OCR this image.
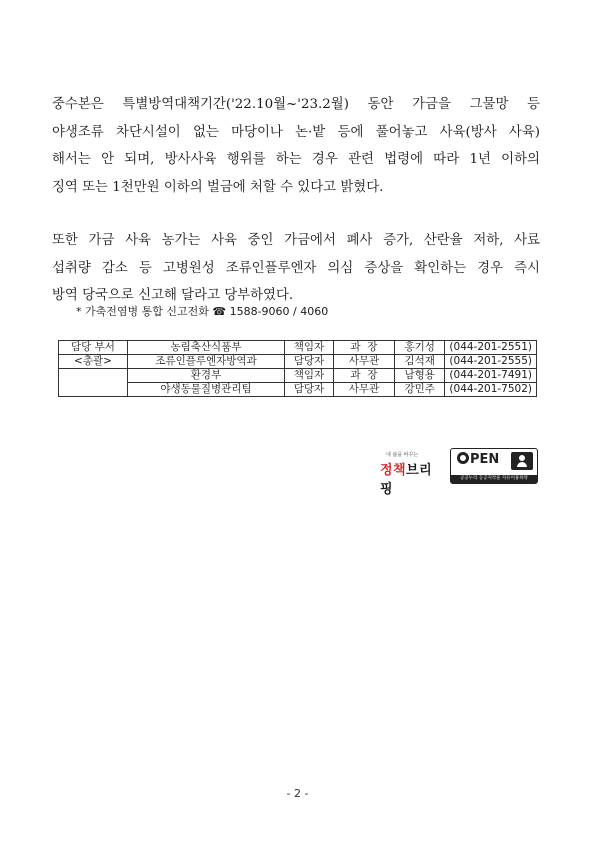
중수본은 특별방역대책기간('22.10월~'23.2월) 동안 가금을 그물망 등
야생조류 차단시설이 없는 마당이나 논·밭 등에 풀어놓고 사육(방사 사육)
해서는 안 되며, 방사사육 행위를 하는 경우 관련 법령에 따라 1년 이하의
징역 또는 1천만원 이하의 벌금에 처할 수 있다고 밝혔다.
또한 가금 사육 농가는 사육 중인 가금에서 폐사 증가, 산란율 저하, 사료
섭취량 감소 등 고병원성 조류인플루엔자 의심 증상을 확인하는 경우 즉시
방역 당국으로 신고해 달라고 당부하였다.
* 가축전염병 통합 신고전화 ☎ 1588-9060 / 4060
담당 부서	농림축산식품부	책임자	과  장	홍기성	(044-201-2551)
<총괄>	조류인플루엔자방역과	담당자	사무관	김석재	(044-201-2555)
	환경부	책임자	과  장	남형용	(044-201-7491)
	야생동물질병관리팀	담당자	사무관	강민주	(044-201-7502)
내 삶을 바꾸는
정책브리핑
PEN
공공누리 공공저작물 자유이용허락
- 2 -
